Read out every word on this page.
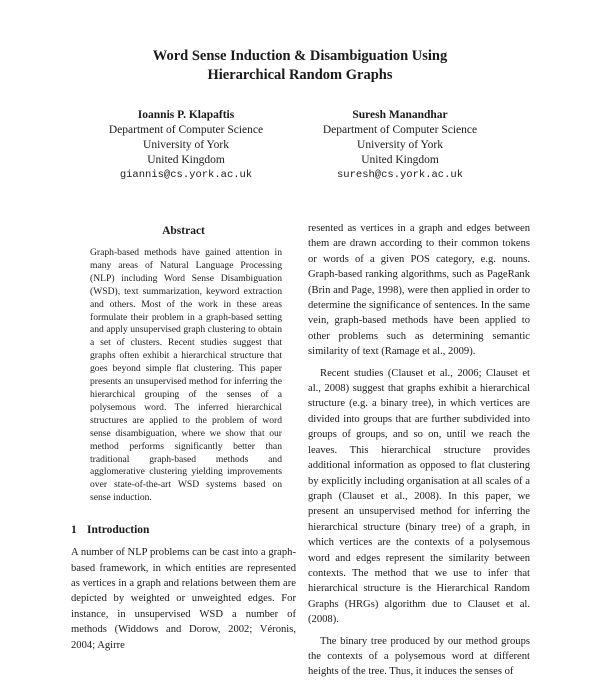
Word Sense Induction & Disambiguation Using
Hierarchical Random Graphs
Ioannis P. Klapaftis
Department of Computer Science
University of York
United Kingdom
giannis@cs.york.ac.uk
Suresh Manandhar
Department of Computer Science
University of York
United Kingdom
suresh@cs.york.ac.uk
Abstract

Graph-based methods have gained attention in many areas of Natural Language Processing (NLP) including Word Sense Disambiguation (WSD), text summarization, keyword extraction and others. Most of the work in these areas formulate their problem in a graph-based setting and apply unsupervised graph clustering to obtain a set of clusters. Recent studies suggest that graphs often exhibit a hierarchical structure that goes beyond simple flat clustering. This paper presents an unsupervised method for inferring the hierarchical grouping of the senses of a polysemous word. The inferred hierarchical structures are applied to the problem of word sense disambiguation, where we show that our method performs significantly better than traditional graph-based methods and agglomerative clustering yielding improvements over state-of-the-art WSD systems based on sense induction.

1 Introduction

A number of NLP problems can be cast into a graph-based framework, in which entities are represented as vertices in a graph and relations between them are depicted by weighted or unweighted edges. For instance, in unsupervised WSD a number of methods (Widdows and Dorow, 2002; Véronis, 2004; Agirre

resented as vertices in a graph and edges between them are drawn according to their common tokens or words of a given POS category, e.g. nouns. Graph-based ranking algorithms, such as PageRank (Brin and Page, 1998), were then applied in order to determine the significance of sentences. In the same vein, graph-based methods have been applied to other problems such as determining semantic similarity of text (Ramage et al., 2009).

Recent studies (Clauset et al., 2006; Clauset et al., 2008) suggest that graphs exhibit a hierarchical structure (e.g. a binary tree), in which vertices are divided into groups that are further subdivided into groups of groups, and so on, until we reach the leaves. This hierarchical structure provides additional information as opposed to flat clustering by explicitly including organisation at all scales of a graph (Clauset et al., 2008). In this paper, we present an unsupervised method for inferring the hierarchical structure (binary tree) of a graph, in which vertices are the contexts of a polysemous word and edges represent the similarity between contexts. The method that we use to infer that hierarchical structure is the Hierarchical Random Graphs (HRGs) algorithm due to Clauset et al. (2008).

The binary tree produced by our method groups the contexts of a polysemous word at different heights of the tree. Thus, it induces the senses of
